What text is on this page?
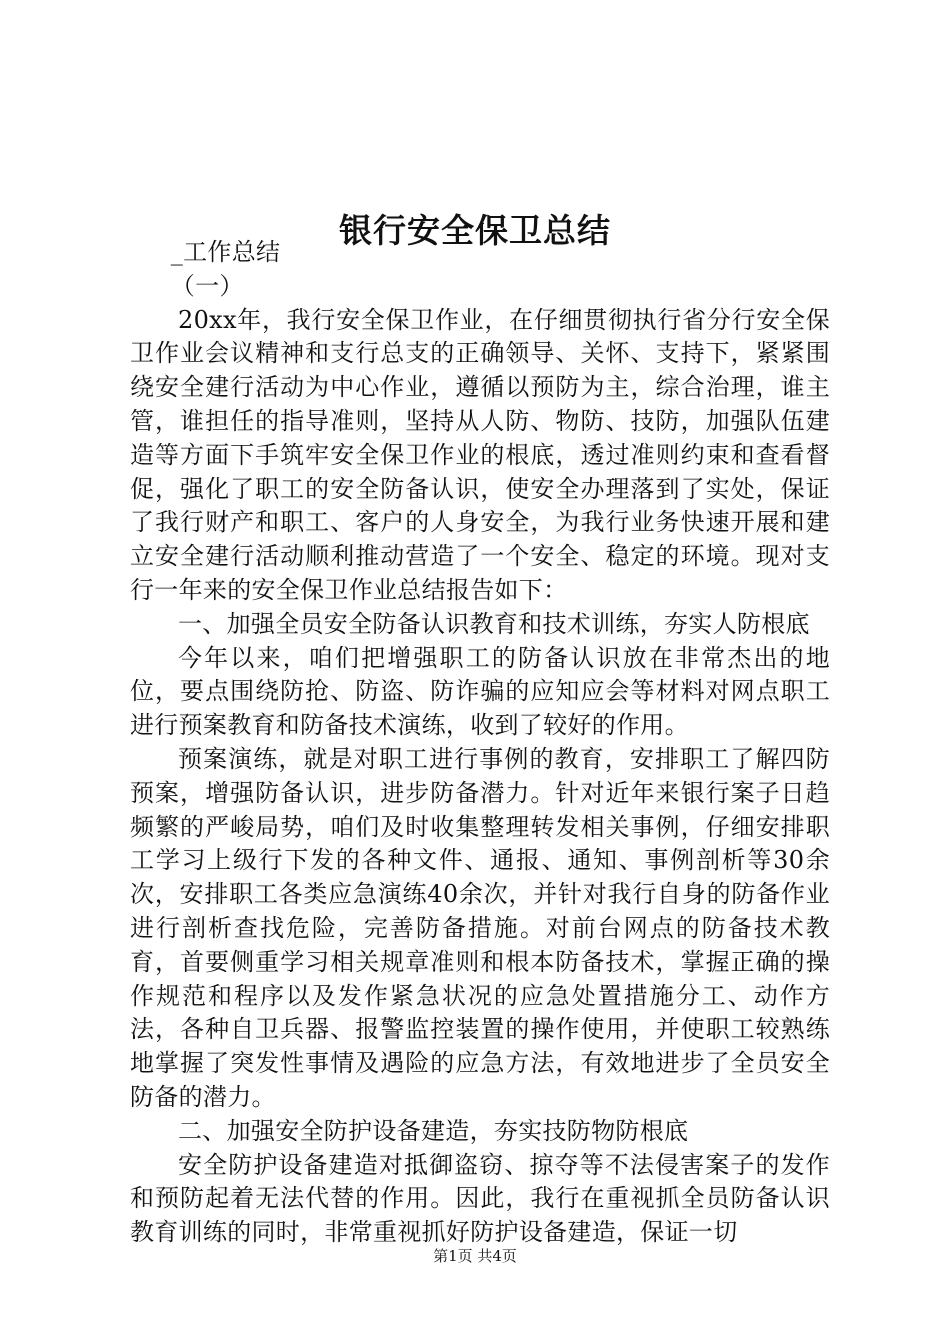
银行安全保卫总结

_工作总结

（一）

20xx年，我行安全保卫作业，在仔细贯彻执行省分行安全保卫作业会议精神和支行总支的正确领导、关怀、支持下，紧紧围绕安全建行活动为中心作业，遵循以预防为主，综合治理，谁主管，谁担任的指导准则，坚持从人防、物防、技防，加强队伍建造等方面下手筑牢安全保卫作业的根底，透过准则约束和查看督促，强化了职工的安全防备认识，使安全办理落到了实处，保证了我行财产和职工、客户的人身安全，为我行业务快速开展和建立安全建行活动顺利推动营造了一个安全、稳定的环境。现对支行一年来的安全保卫作业总结报告如下：

一、加强全员安全防备认识教育和技术训练，夯实人防根底

今年以来，咱们把增强职工的防备认识放在非常杰出的地位，要点围绕防抢、防盗、防诈骗的应知应会等材料对网点职工进行预案教育和防备技术演练，收到了较好的作用。

预案演练，就是对职工进行事例的教育，安排职工了解四防预案，增强防备认识，进步防备潜力。针对近年来银行案子日趋频繁的严峻局势，咱们及时收集整理转发相关事例，仔细安排职工学习上级行下发的各种文件、通报、通知、事例剖析等30余次，安排职工各类应急演练40余次，并针对我行自身的防备作业进行剖析查找危险，完善防备措施。对前台网点的防备技术教育，首要侧重学习相关规章准则和根本防备技术，掌握正确的操作规范和程序以及发作紧急状况的应急处置措施分工、动作方法，各种自卫兵器、报警监控装置的操作使用，并使职工较熟练地掌握了突发性事情及遇险的应急方法，有效地进步了全员安全防备的潜力。

二、加强安全防护设备建造，夯实技防物防根底

安全防护设备建造对抵御盗窃、掠夺等不法侵害案子的发作和预防起着无法代替的作用。因此，我行在重视抓全员防备认识教育训练的同时，非常重视抓好防护设备建造，保证一切

第1页 共4页
